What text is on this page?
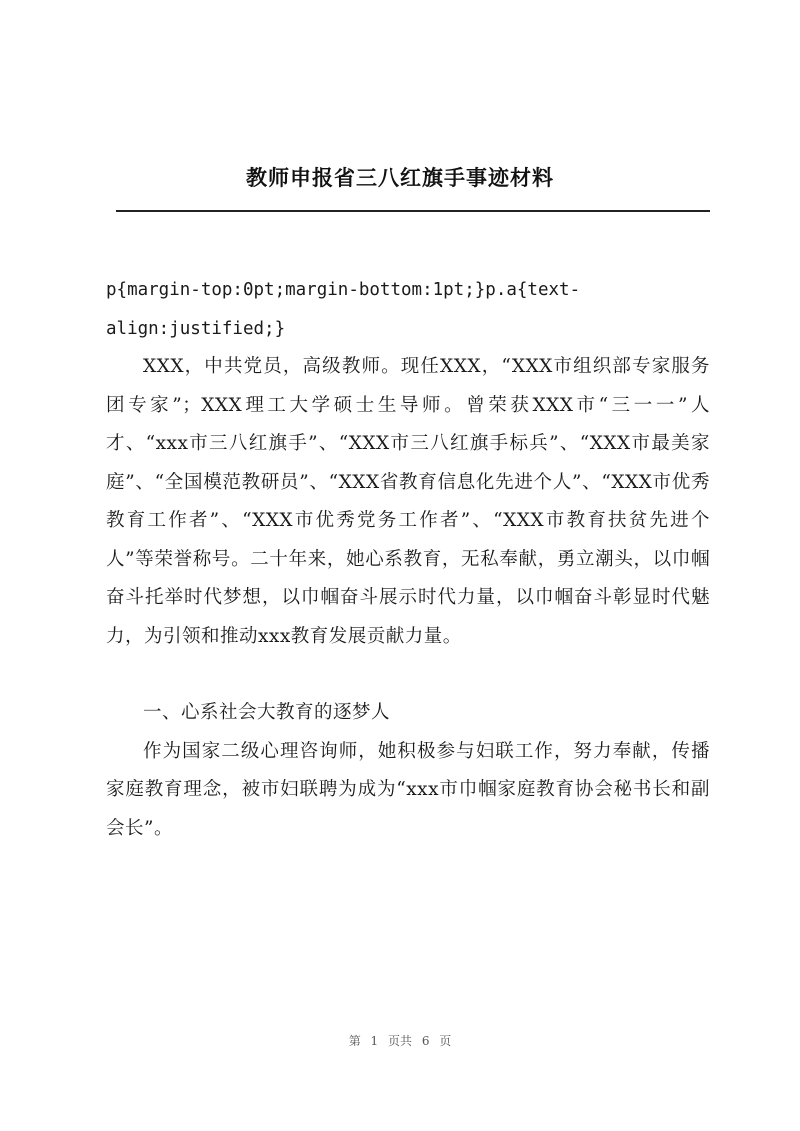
教师申报省三八红旗手事迹材料

p{margin-top:0pt;margin-bottom:1pt;}p.a{text-align:justified;}

XXX，中共党员，高级教师。现任XXX，“XXX市组织部专家服务团专家”；XXX理工大学硕士生导师。曾荣获XXX市“三一一”人才、“xxx市三八红旗手”、“XXX市三八红旗手标兵”、“XXX市最美家庭”、“全国模范教研员”、“XXX省教育信息化先进个人”、“XXX市优秀教育工作者”、“XXX市优秀党务工作者”、“XXX市教育扶贫先进个人”等荣誉称号。二十年来，她心系教育，无私奉献，勇立潮头，以巾帼奋斗托举时代梦想，以巾帼奋斗展示时代力量，以巾帼奋斗彰显时代魅力，为引领和推动xxx教育发展贡献力量。

一、心系社会大教育的逐梦人

作为国家二级心理咨询师，她积极参与妇联工作，努力奉献，传播家庭教育理念，被市妇联聘为成为“xxx市巾帼家庭教育协会秘书长和副会长”。

第 1 页共 6 页
